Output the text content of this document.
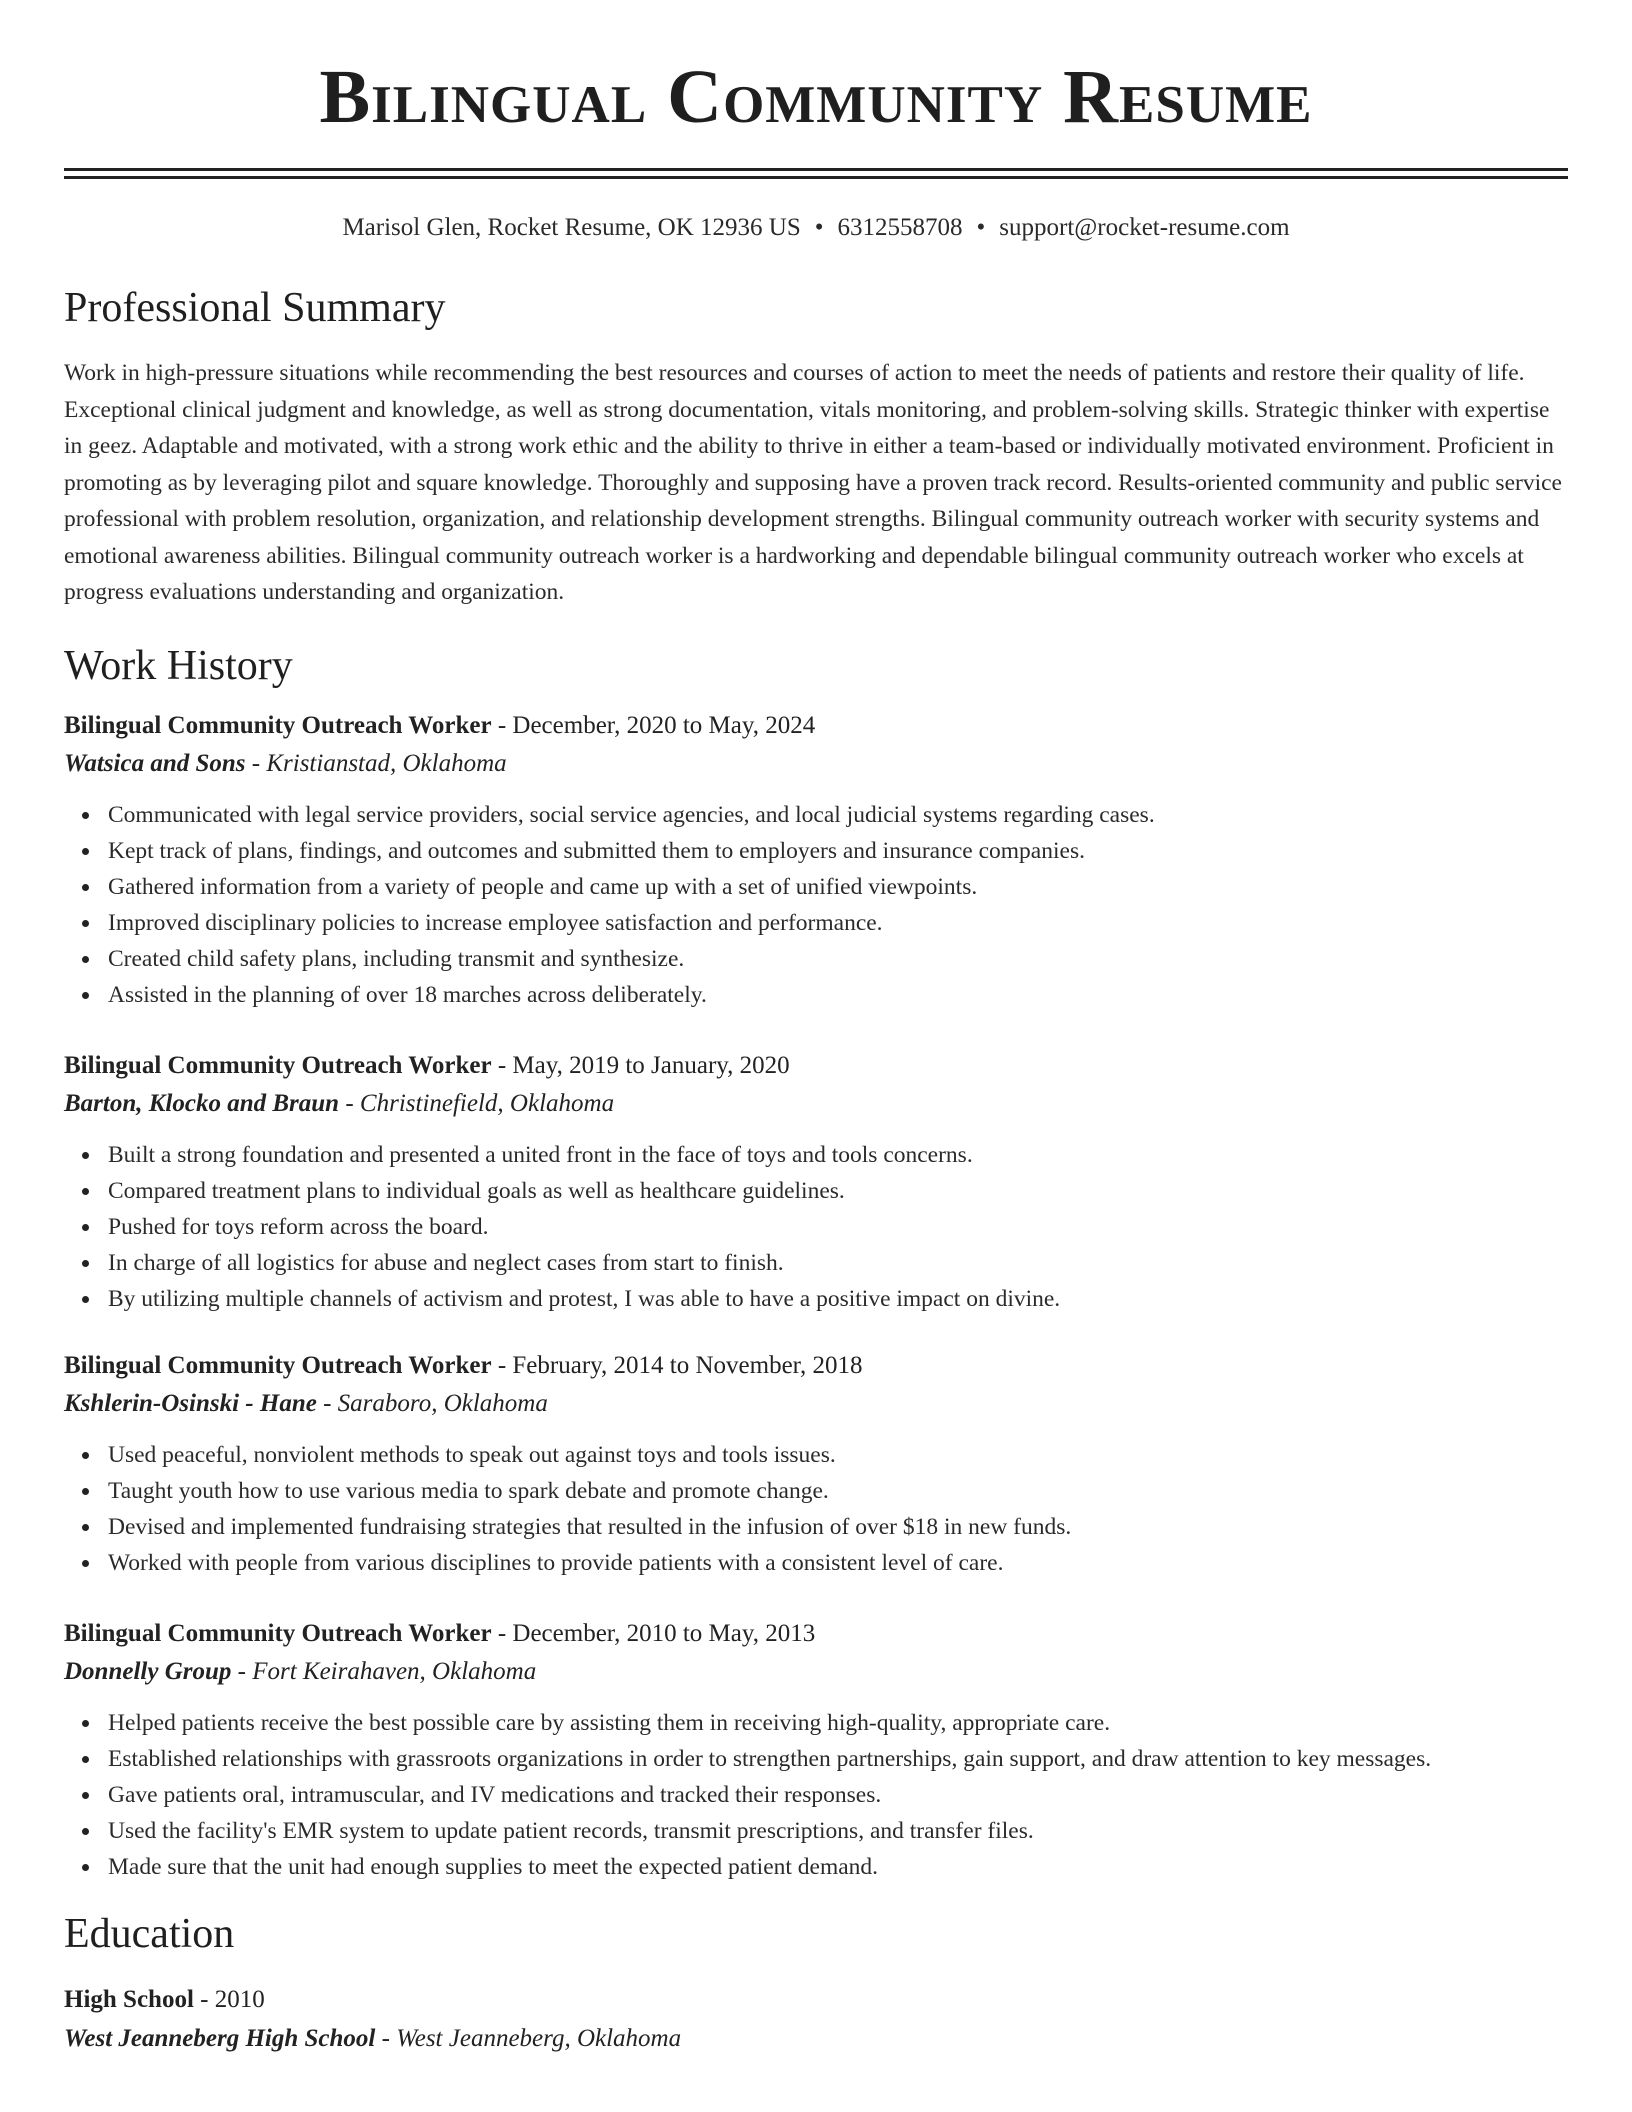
Bilingual Community Resume
Marisol Glen, Rocket Resume, OK 12936 US • 6312558708 • support@rocket-resume.com
Professional Summary

Work in high-pressure situations while recommending the best resources and courses of action to meet the needs of patients and restore their quality of life. Exceptional clinical judgment and knowledge, as well as strong documentation, vitals monitoring, and problem-solving skills. Strategic thinker with expertise in geez. Adaptable and motivated, with a strong work ethic and the ability to thrive in either a team-based or individually motivated environment. Proficient in promoting as by leveraging pilot and square knowledge. Thoroughly and supposing have a proven track record. Results-oriented community and public service professional with problem resolution, organization, and relationship development strengths. Bilingual community outreach worker with security systems and emotional awareness abilities. Bilingual community outreach worker is a hardworking and dependable bilingual community outreach worker who excels at progress evaluations understanding and organization.

Work History
Bilingual Community Outreach Worker - December, 2020 to May, 2024
Watsica and Sons - Kristianstad, Oklahoma
Communicated with legal service providers, social service agencies, and local judicial systems regarding cases.
Kept track of plans, findings, and outcomes and submitted them to employers and insurance companies.
Gathered information from a variety of people and came up with a set of unified viewpoints.
Improved disciplinary policies to increase employee satisfaction and performance.
Created child safety plans, including transmit and synthesize.
Assisted in the planning of over 18 marches across deliberately.
Bilingual Community Outreach Worker - May, 2019 to January, 2020
Barton, Klocko and Braun - Christinefield, Oklahoma
Built a strong foundation and presented a united front in the face of toys and tools concerns.
Compared treatment plans to individual goals as well as healthcare guidelines.
Pushed for toys reform across the board.
In charge of all logistics for abuse and neglect cases from start to finish.
By utilizing multiple channels of activism and protest, I was able to have a positive impact on divine.
Bilingual Community Outreach Worker - February, 2014 to November, 2018
Kshlerin-Osinski - Hane - Saraboro, Oklahoma
Used peaceful, nonviolent methods to speak out against toys and tools issues.
Taught youth how to use various media to spark debate and promote change.
Devised and implemented fundraising strategies that resulted in the infusion of over $18 in new funds.
Worked with people from various disciplines to provide patients with a consistent level of care.
Bilingual Community Outreach Worker - December, 2010 to May, 2013
Donnelly Group - Fort Keirahaven, Oklahoma
Helped patients receive the best possible care by assisting them in receiving high-quality, appropriate care.
Established relationships with grassroots organizations in order to strengthen partnerships, gain support, and draw attention to key messages.
Gave patients oral, intramuscular, and IV medications and tracked their responses.
Used the facility's EMR system to update patient records, transmit prescriptions, and transfer files.
Made sure that the unit had enough supplies to meet the expected patient demand.
Education
High School - 2010
West Jeanneberg High School - West Jeanneberg, Oklahoma
